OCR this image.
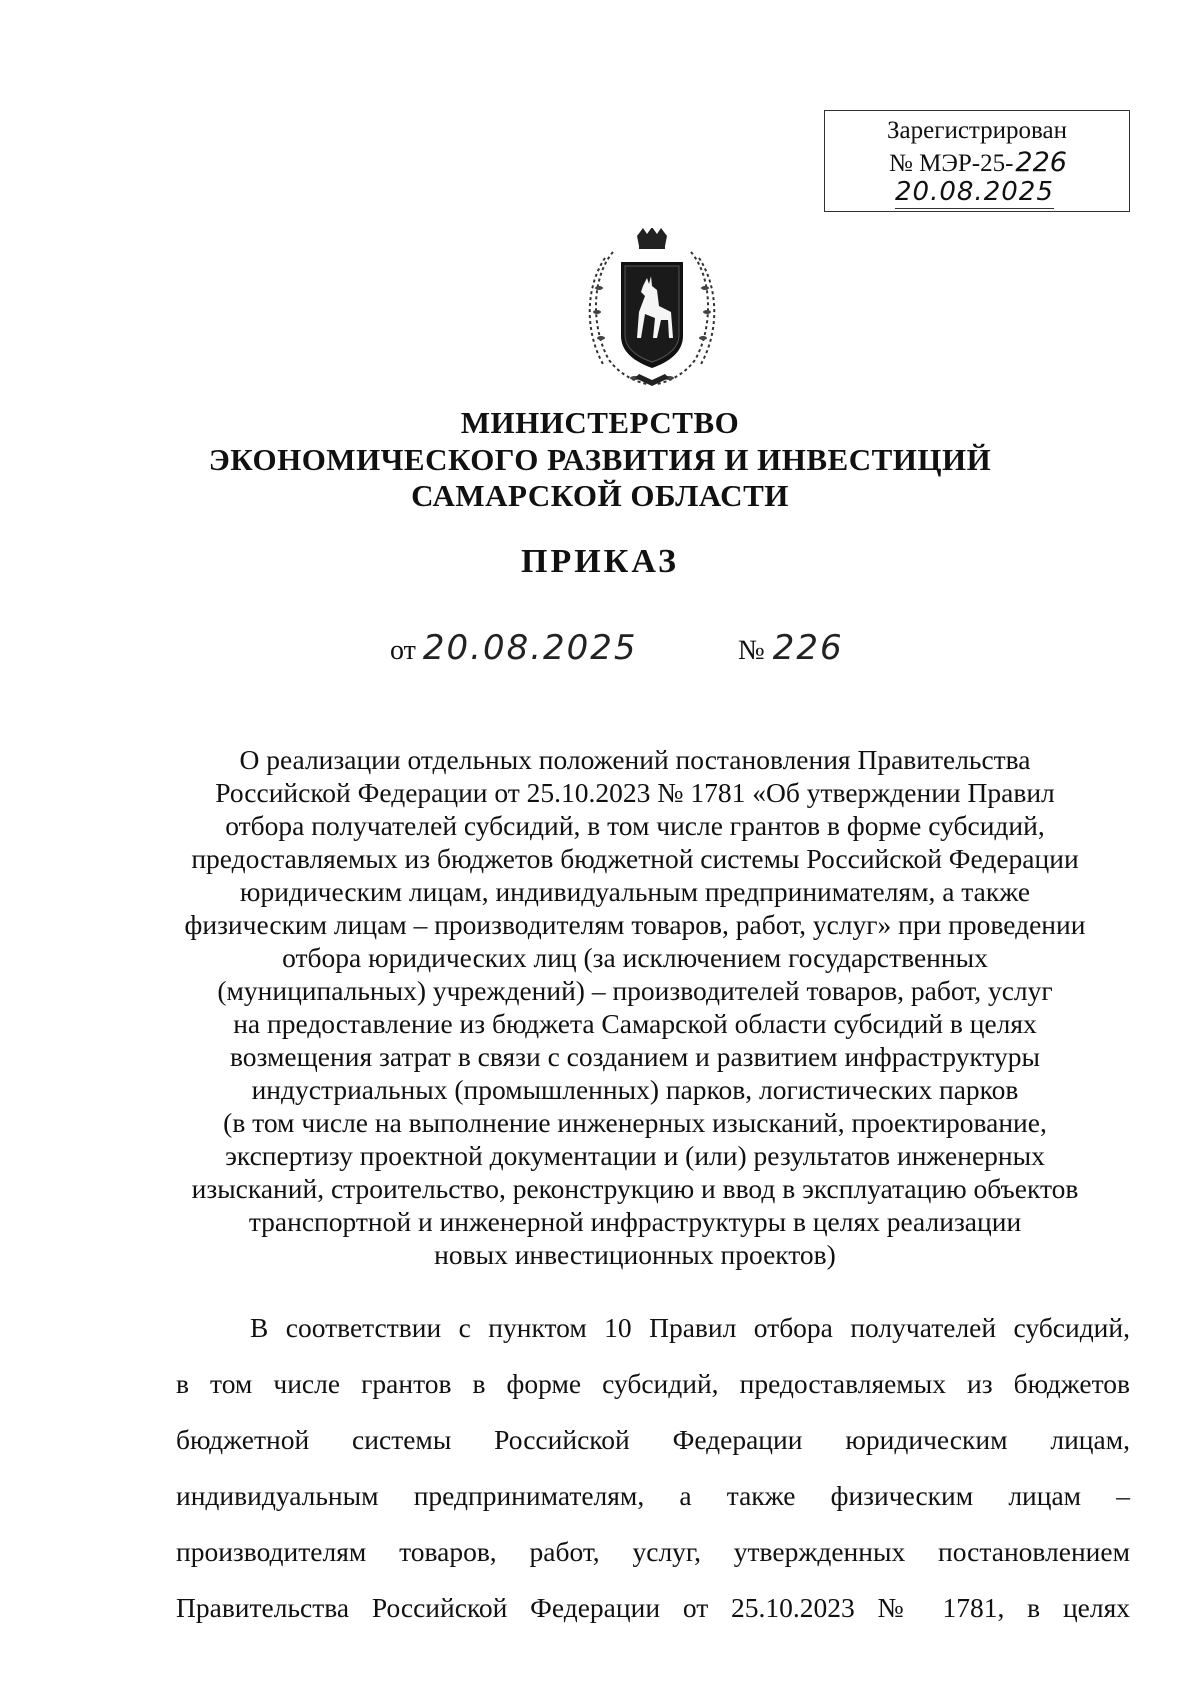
Зарегистрирован
№ МЭР-25-226
20.08.2025
МИНИСТЕРСТВО
ЭКОНОМИЧЕСКОГО РАЗВИТИЯ И ИНВЕСТИЦИЙ
САМАРСКОЙ ОБЛАСТИ
ПРИКАЗ
от 20.08.2025	№ 226
О реализации отдельных положений постановления Правительства
Российской Федерации от 25.10.2023 № 1781 «Об утверждении Правил
отбора получателей субсидий, в том числе грантов в форме субсидий,
предоставляемых из бюджетов бюджетной системы Российской Федерации
юридическим лицам, индивидуальным предпринимателям, а также
физическим лицам – производителям товаров, работ, услуг» при проведении
отбора юридических лиц (за исключением государственных
(муниципальных) учреждений) – производителей товаров, работ, услуг
на предоставление из бюджета Самарской области субсидий в целях
возмещения затрат в связи с созданием и развитием инфраструктуры
индустриальных (промышленных) парков, логистических парков
(в том числе на выполнение инженерных изысканий, проектирование,
экспертизу проектной документации и (или) результатов инженерных
изысканий, строительство, реконструкцию и ввод в эксплуатацию объектов
транспортной и инженерной инфраструктуры в целях реализации
новых инвестиционных проектов)
В соответствии с пунктом 10 Правил отбора получателей субсидий,
в том числе грантов в форме субсидий, предоставляемых из бюджетов
бюджетной системы Российской Федерации юридическим лицам,
индивидуальным предпринимателям, а также физическим лицам –
производителям товаров, работ, услуг, утвержденных постановлением
Правительства Российской Федерации от 25.10.2023 № 1781, в целях
